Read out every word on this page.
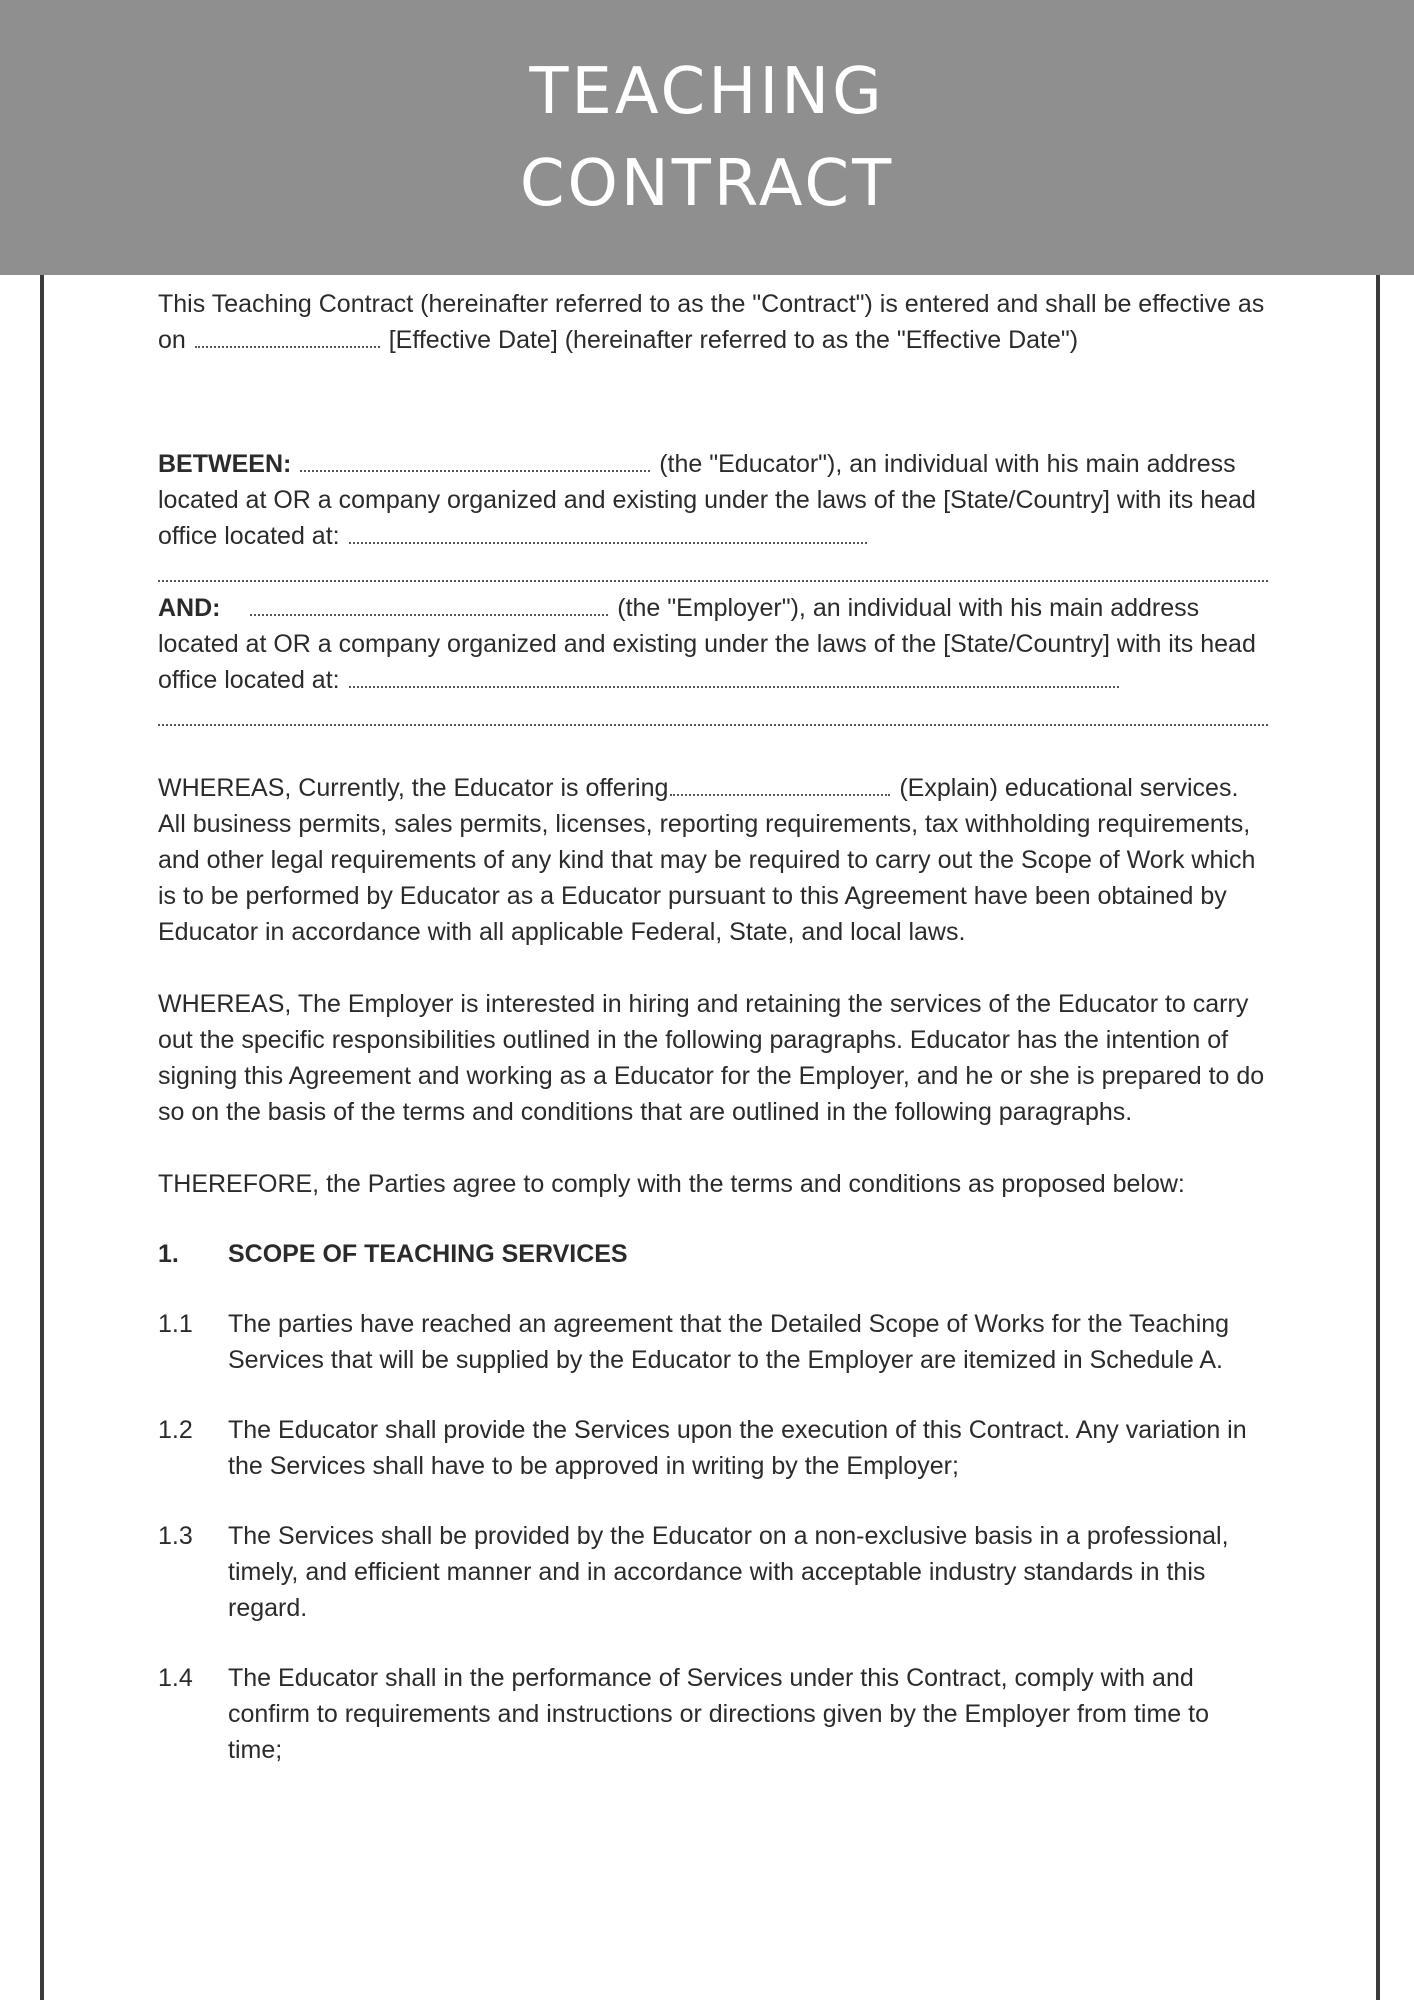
TEACHING
CONTRACT

This Teaching Contract (hereinafter referred to as the "Contract") is entered and shall be effective as on	[Effective Date] (hereinafter referred to as the "Effective Date")

BETWEEN:	(the "Educator"), an individual with his main address located at OR a company organized and existing under the laws of the [State/Country] with its head office located at:

AND:	(the "Employer"), an individual with his main address located at OR a company organized and existing under the laws of the [State/Country] with its head office located at:

WHEREAS, Currently, the Educator is offering	(Explain) educational services. All business permits, sales permits, licenses, reporting requirements, tax withholding requirements, and other legal requirements of any kind that may be required to carry out the Scope of Work which is to be performed by Educator as a Educator pursuant to this Agreement have been obtained by Educator in accordance with all applicable Federal, State, and local laws.

WHEREAS, The Employer is interested in hiring and retaining the services of the Educator to carry out the specific responsibilities outlined in the following paragraphs. Educator has the intention of signing this Agreement and working as a Educator for the Employer, and he or she is prepared to do so on the basis of the terms and conditions that are outlined in the following paragraphs.

THEREFORE, the Parties agree to comply with the terms and conditions as proposed below:

1.	SCOPE OF TEACHING SERVICES
1.1	The parties have reached an agreement that the Detailed Scope of Works for the Teaching Services that will be supplied by the Educator to the Employer are itemized in Schedule A.
1.2	The Educator shall provide the Services upon the execution of this Contract. Any variation in the Services shall have to be approved in writing by the Employer;
1.3	The Services shall be provided by the Educator on a non-exclusive basis in a professional, timely, and efficient manner and in accordance with acceptable industry standards in this regard.
1.4	The Educator shall in the performance of Services under this Contract, comply with and confirm to requirements and instructions or directions given by the Employer from time to time;
